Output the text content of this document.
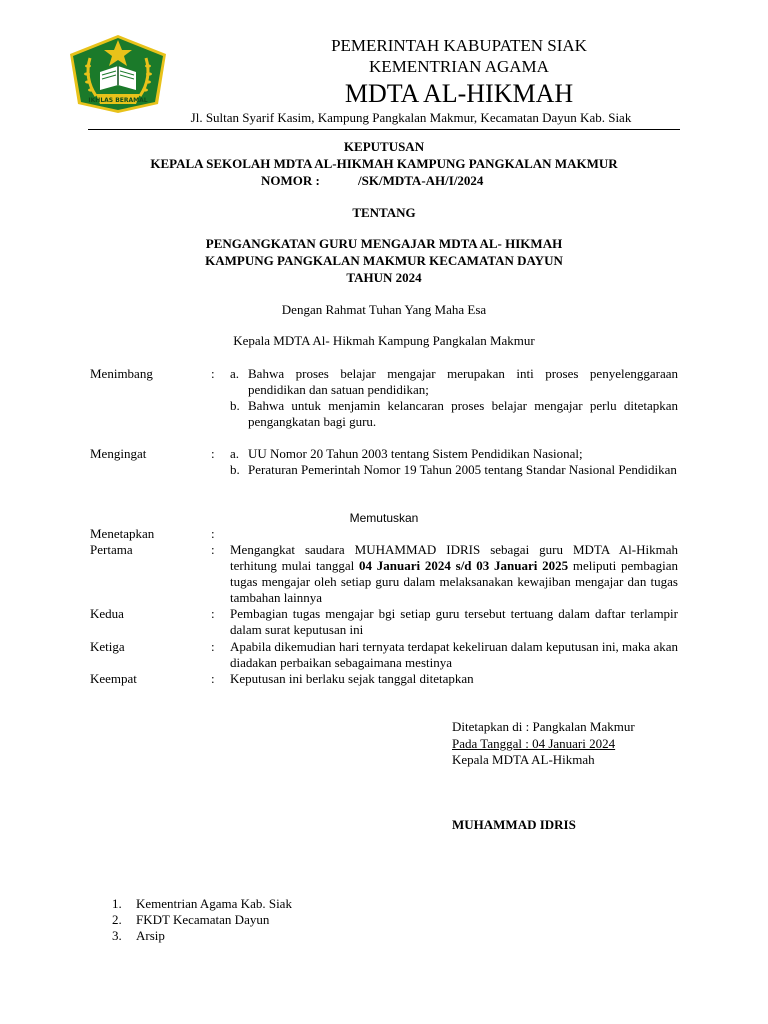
IKHLAS BERAMAL
PEMERINTAH KABUPATEN SIAK
KEMENTRIAN AGAMA
MDTA AL-HIKMAH
Jl. Sultan Syarif Kasim, Kampung Pangkalan Makmur, Kecamatan Dayun Kab. Siak
KEPUTUSAN
KEPALA SEKOLAH MDTA AL-HIKMAH KAMPUNG PANGKALAN MAKMUR
NOMOR :	/SK/MDTA-AH/I/2024
TENTANG
PENGANGKATAN GURU MENGAJAR MDTA AL- HIKMAH
KAMPUNG PANGKALAN MAKMUR KECAMATAN DAYUN
TAHUN 2024
Dengan Rahmat Tuhan Yang Maha Esa
Kepala MDTA Al- Hikmah Kampung Pangkalan Makmur
Menimbang	: a. Bahwa proses belajar mengajar merupakan inti proses penyelenggaraan pendidikan dan satuan pendidikan;
b. Bahwa untuk menjamin kelancaran proses belajar mengajar perlu ditetapkan pengangkatan bagi guru.
Mengingat	: a. UU Nomor 20 Tahun 2003 tentang Sistem Pendidikan Nasional;
b. Peraturan Pemerintah Nomor 19 Tahun 2005 tentang Standar Nasional Pendidikan
Memutuskan
Menetapkan	:
Pertama	: Mengangkat saudara MUHAMMAD IDRIS sebagai guru MDTA Al-Hikmah terhitung mulai tanggal 04 Januari 2024 s/d 03 Januari 2025 meliputi pembagian tugas mengajar oleh setiap guru dalam melaksanakan kewajiban mengajar dan tugas tambahan lainnya
Kedua	: Pembagian tugas mengajar bgi setiap guru tersebut tertuang dalam daftar terlampir dalam surat keputusan ini
Ketiga	: Apabila dikemudian hari ternyata terdapat kekeliruan dalam keputusan ini, maka akan diadakan perbaikan sebagaimana mestinya
Keempat	: Keputusan ini berlaku sejak tanggal ditetapkan
Ditetapkan di : Pangkalan Makmur
Pada Tanggal : 04 Januari 2024
Kepala MDTA AL-Hikmah
MUHAMMAD IDRIS
1. Kementrian Agama Kab. Siak
2. FKDT Kecamatan Dayun
3. Arsip
